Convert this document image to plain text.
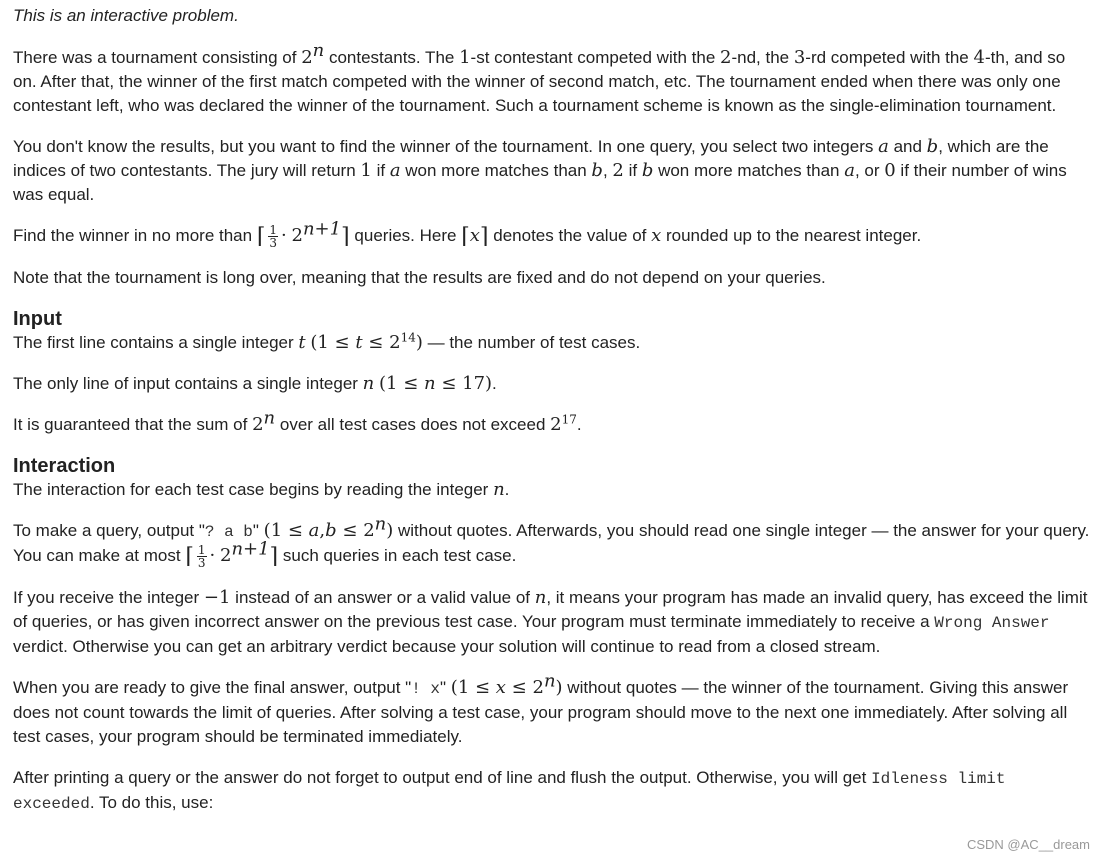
This is an interactive problem.

There was a tournament consisting of 2$^n$ contestants. The 1-st contestant competed with the 2-nd, the 3-rd competed with the 4-th, and so on. After that, the winner of the first match competed with the winner of second match, etc. The tournament ended when there was only one contestant left, who was declared the winner of the tournament. Such a tournament scheme is known as the single-elimination tournament.

You don't know the results, but you want to find the winner of the tournament. In one query, you select two integers a and b, which are the indices of two contestants. The jury will return 1 if a won more matches than b, 2 if b won more matches than a, or 0 if their number of wins was equal.

Find the winner in no more than ⌈ $\frac{1}{3}$ · $2^{n+1}⌉$ queries. Here ⌈x⌉ denotes the value of x rounded up to the nearest integer.

Note that the tournament is long over, meaning that the results are fixed and do not depend on your queries.

Input

The first line contains a single integer t $(1 \le t \le 2^{14})$ — the number of test cases.

The only line of input contains a single integer n (1 ≤ n ≤ 17).

It is guaranteed that the sum of 2$^n$ over all test cases does not exceed $2^{17}$.

Interaction

The interaction for each test case begins by reading the integer n.

To make a query, output "? a b" $(1 \le a,b \le 2^n)$ without quotes. Afterwards, you should read one single integer — the answer for your query. You can make at most ⌈ $\frac{1}{3}$ · $2^{n+1}⌉$ such queries in each test case.

If you receive the integer −1 instead of an answer or a valid value of n, it means your program has made an invalid query, has exceed the limit of queries, or has given incorrect answer on the previous test case. Your program must terminate immediately to receive a Wrong Answer verdict. Otherwise you can get an arbitrary verdict because your solution will continue to read from a closed stream.

When you are ready to give the final answer, output "! x" $(1 \le x \le 2^n)$ without quotes — the winner of the tournament. Giving this answer does not count towards the limit of queries. After solving a test case, your program should move to the next one immediately. After solving all test cases, your program should be terminated immediately.

After printing a query or the answer do not forget to output end of line and flush the output. Otherwise, you will get Idleness limit exceeded. To do this, use:

CSDN @AC__dream
